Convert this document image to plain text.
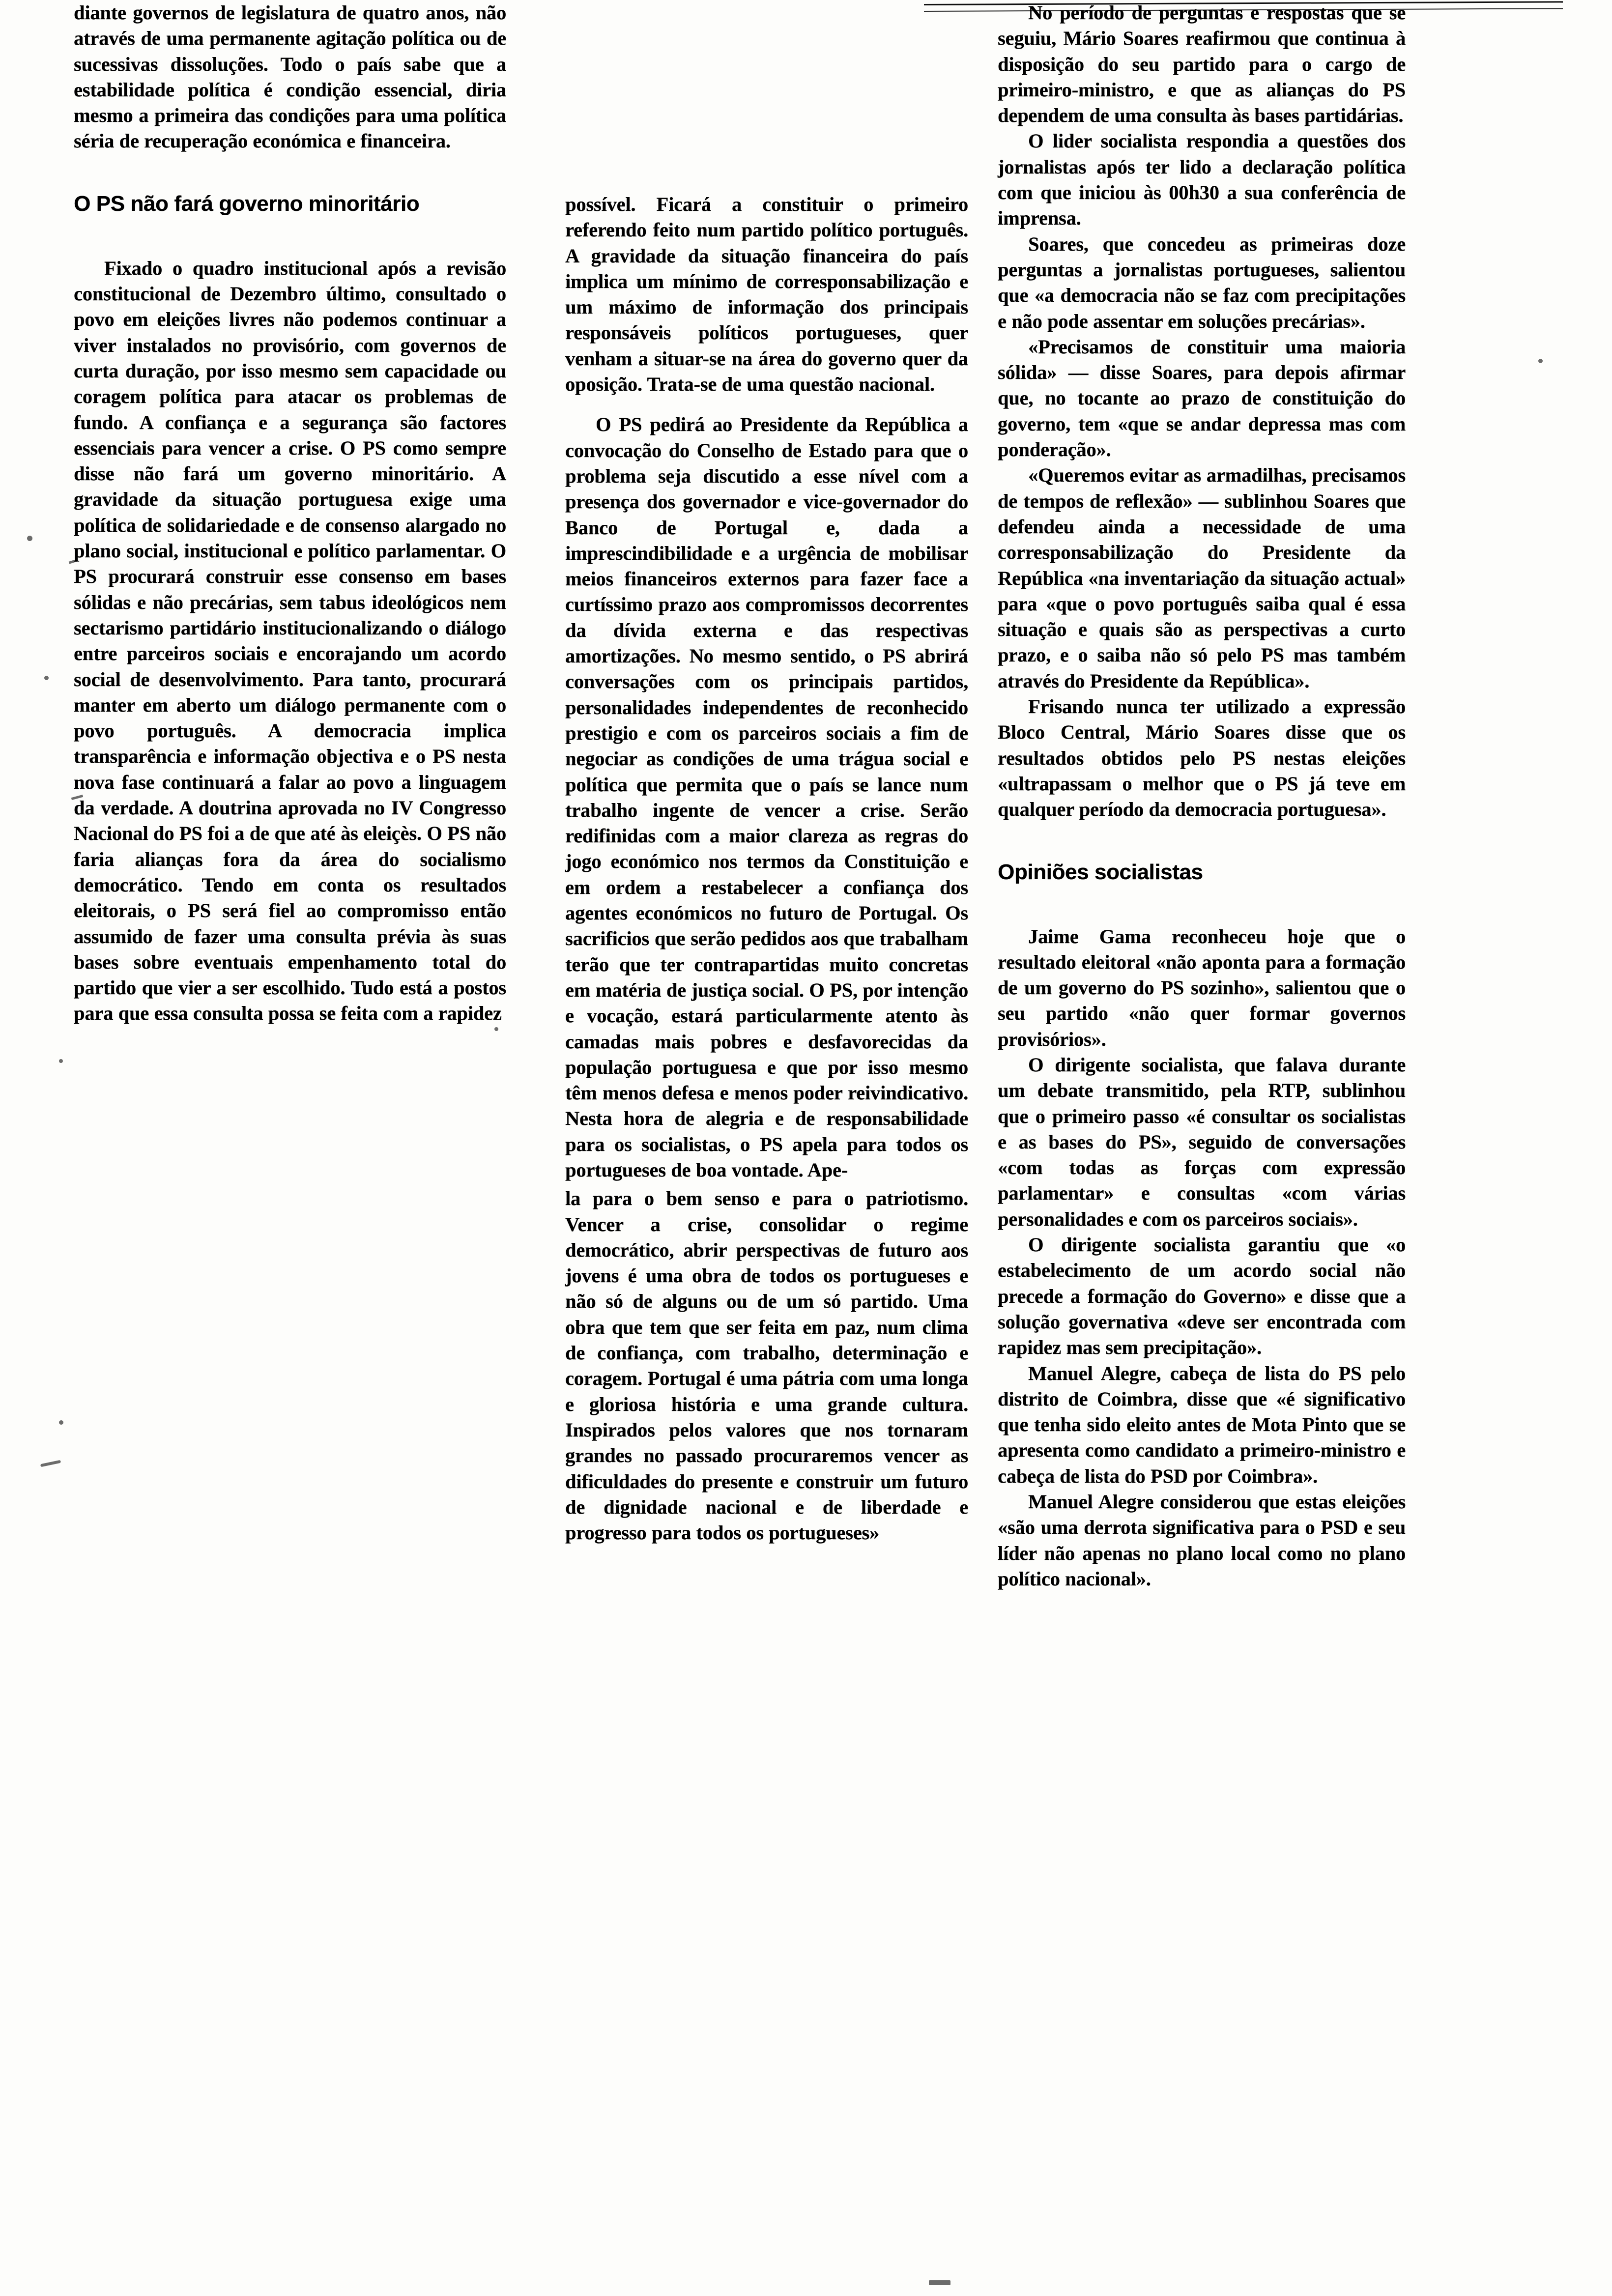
diante governos de legislatura de quatro anos, não através de uma permanente agitação política ou de sucessivas dissoluções. Todo o país sabe que a estabilidade política é condição essencial, diria mesmo a primeira das condições para uma política séria de recuperação económica e financeira.

O PS não fará governo minoritário

Fixado o quadro institucional após a revisão constitucional de Dezembro último, consultado o povo em eleições livres não podemos continuar a viver instalados no provisório, com governos de curta duração, por isso mesmo sem capacidade ou coragem política para atacar os problemas de fundo. A confiança e a segurança são factores essenciais para vencer a crise. O PS como sempre disse não fará um governo minoritário. A gravidade da situação portuguesa exige uma política de solidariedade e de consenso alargado no plano social, institucional e político parlamentar. O PS procurará construir esse consenso em bases sólidas e não precárias, sem tabus ideológicos nem sectarismo partidário institucionalizando o diálogo entre parceiros sociais e encorajando um acordo social de desenvolvimento. Para tanto, procurará manter em aberto um diálogo permanente com o povo português. A democracia implica transparência e informação objectiva e o PS nesta nova fase continuará a falar ao povo a linguagem da verdade. A doutrina aprovada no IV Congresso Nacional do PS foi a de que até às eleiçès. O PS não faria alianças fora da área do socialismo democrático. Tendo em conta os resultados eleitorais, o PS será fiel ao compromisso então assumido de fazer uma consulta prévia às suas bases sobre eventuais empenhamento total do partido que vier a ser escolhido. Tudo está a postos para que essa consulta possa se feita com a rapidez

possível. Ficará a constituir o primeiro referendo feito num partido político português. A gravidade da situação financeira do país implica um mínimo de corresponsabilização e um máximo de informação dos principais responsáveis políticos portugueses, quer venham a situar-se na área do governo quer da oposição. Trata-se de uma questão nacional.

O PS pedirá ao Presidente da República a convocação do Conselho de Estado para que o problema seja discutido a esse nível com a presença dos governador e vice-governador do Banco de Portugal e, dada a imprescindibilidade e a urgência de mobilisar meios financeiros externos para fazer face a curtíssimo prazo aos compromissos decorrentes da dívida externa e das respectivas amortizações. No mesmo sentido, o PS abrirá conversações com os principais partidos, personalidades independentes de reconhecido prestigio e com os parceiros sociais a fim de negociar as condições de uma trágua social e política que permita que o país se lance num trabalho ingente de vencer a crise. Serão redifinidas com a maior clareza as regras do jogo económico nos termos da Constituição e em ordem a restabelecer a confiança dos agentes económicos no futuro de Portugal. Os sacrificios que serão pedidos aos que trabalham terão que ter contrapartidas muito concretas em matéria de justiça social. O PS, por intenção e vocação, estará particularmente atento às camadas mais pobres e desfavorecidas da população portuguesa e que por isso mesmo têm menos defesa e menos poder reivindicativo. Nesta hora de alegria e de responsabilidade para os socialistas, o PS apela para todos os portugueses de boa vontade. Ape-

la para o bem senso e para o patriotismo. Vencer a crise, consolidar o regime democrático, abrir perspectivas de futuro aos jovens é uma obra de todos os portugueses e não só de alguns ou de um só partido. Uma obra que tem que ser feita em paz, num clima de confiança, com trabalho, determinação e coragem. Portugal é uma pátria com uma longa e gloriosa história e uma grande cultura. Inspirados pelos valores que nos tornaram grandes no passado procuraremos vencer as dificuldades do presente e construir um futuro de dignidade nacional e de liberdade e progresso para todos os portugueses»

No período de perguntas e respostas que se seguiu, Mário Soares reafirmou que continua à disposição do seu partido para o cargo de primeiro-ministro, e que as alianças do PS dependem de uma consulta às bases partidárias.

O lider socialista respondia a questões dos jornalistas após ter lido a declaração política com que iniciou às 00h30 a sua conferência de imprensa.

Soares, que concedeu as primeiras doze perguntas a jornalistas portugueses, salientou que «a democracia não se faz com precipitações e não pode assentar em soluções precárias».

«Precisamos de constituir uma maioria sólida» — disse Soares, para depois afirmar que, no tocante ao prazo de constituição do governo, tem «que se andar depressa mas com ponderação».

«Queremos evitar as armadilhas, precisamos de tempos de reflexão» — sublinhou Soares que defendeu ainda a necessidade de uma corresponsabilização do Presidente da República «na inventariação da situação actual» para «que o povo português saiba qual é essa situação e quais são as perspectivas a curto prazo, e o saiba não só pelo PS mas também através do Presidente da República».

Frisando nunca ter utilizado a expressão Bloco Central, Mário Soares disse que os resultados obtidos pelo PS nestas eleições «ultrapassam o melhor que o PS já teve em qualquer período da democracia portuguesa».

Opiniões socialistas

Jaime Gama reconheceu hoje que o resultado eleitoral «não aponta para a formação de um governo do PS sozinho», salientou que o seu partido «não quer formar governos provisórios».

O dirigente socialista, que falava durante um debate transmitido, pela RTP, sublinhou que o primeiro passo «é consultar os socialistas e as bases do PS», seguido de conversações «com todas as forças com expressão parlamentar» e consultas «com várias personalidades e com os parceiros sociais».

O dirigente socialista garantiu que «o estabelecimento de um acordo social não precede a formação do Governo» e disse que a solução governativa «deve ser encontrada com rapidez mas sem precipitação».

Manuel Alegre, cabeça de lista do PS pelo distrito de Coimbra, disse que «é significativo que tenha sido eleito antes de Mota Pinto que se apresenta como candidato a primeiro-ministro e cabeça de lista do PSD por Coimbra».

Manuel Alegre considerou que estas eleições «são uma derrota significativa para o PSD e seu líder não apenas no plano local como no plano político nacional».
